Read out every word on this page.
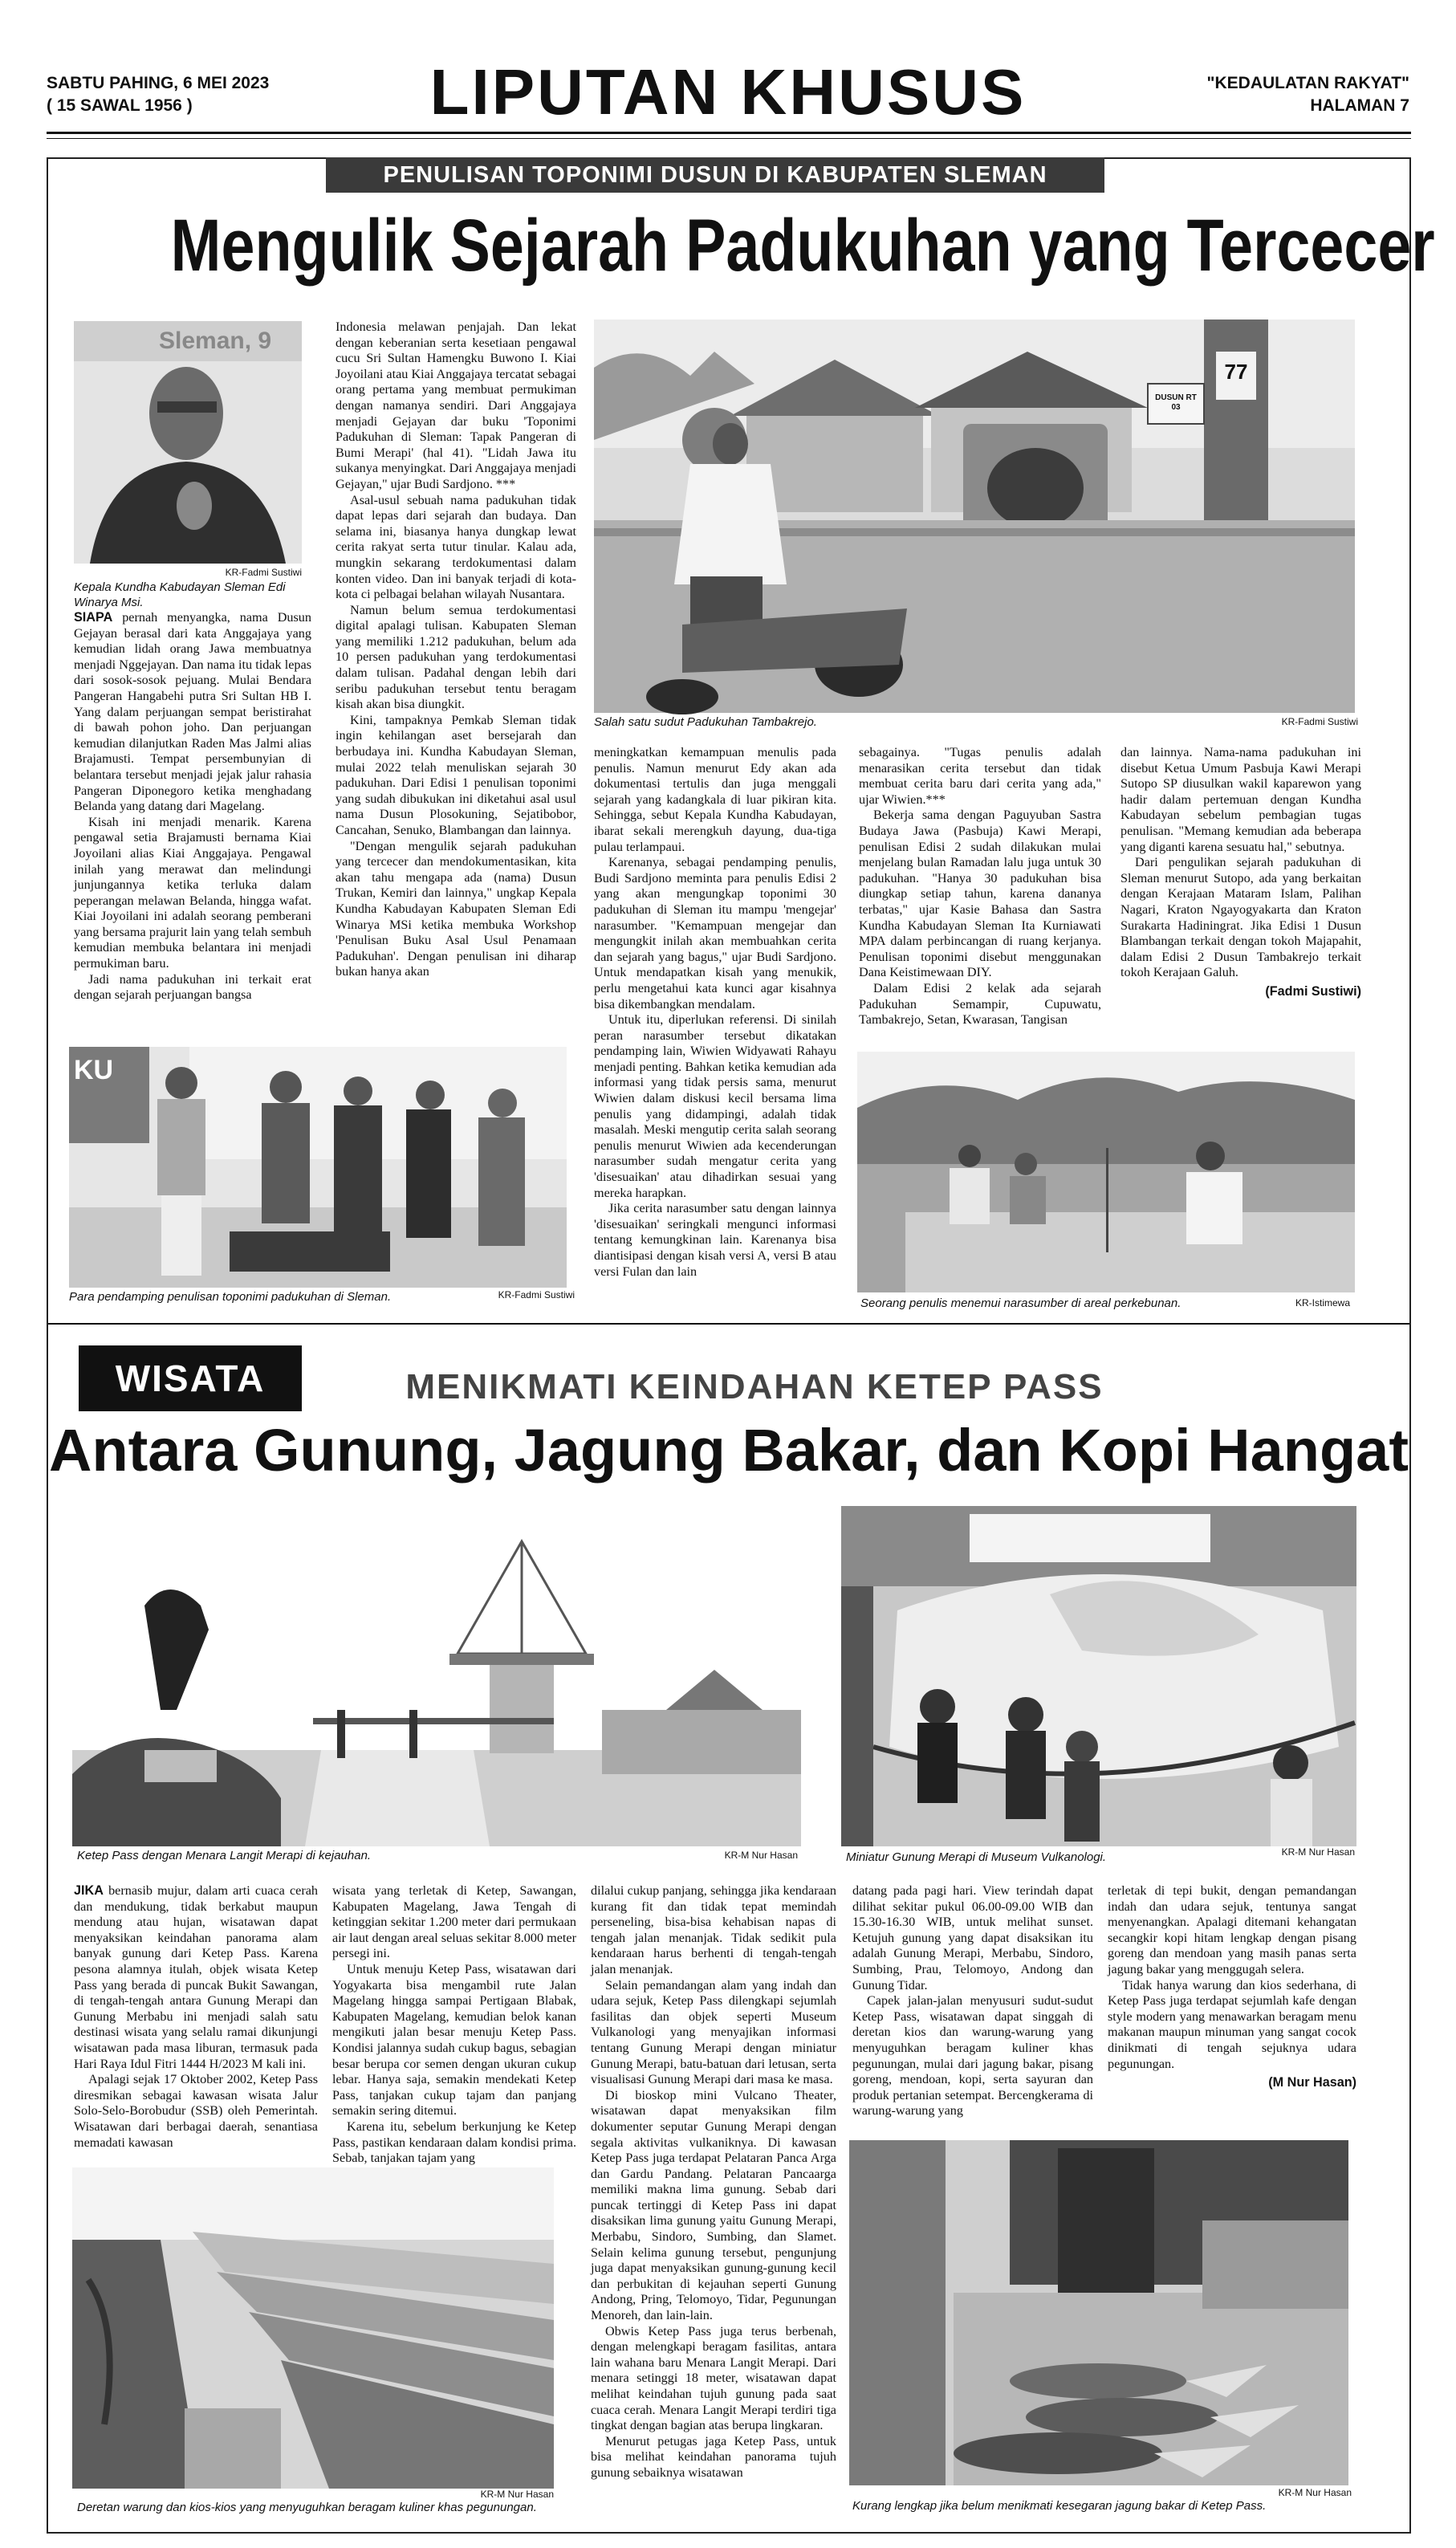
SABTU PAHING, 6 MEI 2023
( 15 SAWAL 1956 )	LIPUTAN KHUSUS	"KEDAULATAN RAKYAT"
HALAMAN 7
PENULISAN TOPONIMI DUSUN DI KABUPATEN SLEMAN
Mengulik Sejarah Padukuhan yang Tercecer
Sleman, 9
KR-Fadmi Sustiwi
Kepala Kundha Kabudayan Sleman Edi Winarya Msi.
DUSUN RT 03
77
Salah satu sudut Padukuhan Tambakrejo.	KR-Fadmi Sustiwi

SIAPA pernah menyangka, nama Dusun Gejayan berasal dari kata Anggajaya yang kemudian lidah orang Jawa membuatnya menjadi Nggejayan. Dan nama itu tidak lepas dari sosok-sosok pejuang. Mulai Bendara Pangeran Hangabehi putra Sri Sultan HB I. Yang dalam perjuangan sempat beristirahat di bawah pohon joho. Dan perjuangan kemudian dilanjutkan Raden Mas Jalmi alias Brajamusti. Tempat persembunyian di belantara tersebut menjadi jejak jalur rahasia Pangeran Diponegoro ketika menghadang Belanda yang datang dari Magelang.

Kisah ini menjadi menarik. Karena pengawal setia Brajamusti bernama Kiai Joyoilani alias Kiai Anggajaya. Pengawal inilah yang merawat dan melindungi junjungannya ketika terluka dalam peperangan melawan Belanda, hingga wafat. Kiai Joyoilani ini adalah seorang pemberani yang bersama prajurit lain yang telah sembuh kemudian membuka belantara ini menjadi permukiman baru.

Jadi nama padukuhan ini terkait erat dengan sejarah perjuangan bangsa

Indonesia melawan penjajah. Dan lekat dengan keberanian serta kesetiaan pengawal cucu Sri Sultan Hamengku Buwono I. Kiai Joyoilani atau Kiai Anggajaya tercatat sebagai orang pertama yang membuat permukiman dengan namanya sendiri. Dari Anggajaya menjadi Gejayan dar buku 'Toponimi Padukuhan di Sleman: Tapak Pangeran di Bumi Merapi' (hal 41). "Lidah Jawa itu sukanya menyingkat. Dari Anggajaya menjadi Gejayan," ujar Budi Sardjono. ***

Asal-usul sebuah nama padukuhan tidak dapat lepas dari sejarah dan budaya. Dan selama ini, biasanya hanya dungkap lewat cerita rakyat serta tutur tinular. Kalau ada, mungkin sekarang terdokumentasi dalam konten video. Dan ini banyak terjadi di kota-kota ci pelbagai belahan wilayah Nusantara.

Namun belum semua terdokumentasi digital apalagi tulisan. Kabupaten Sleman yang memiliki 1.212 padukuhan, belum ada 10 persen padukuhan yang terdokumentasi dalam tulisan. Padahal dengan lebih dari seribu padukuhan tersebut tentu beragam kisah akan bisa diungkit.

Kini, tampaknya Pemkab Sleman tidak ingin kehilangan aset bersejarah dan berbudaya ini. Kundha Kabudayan Sleman, mulai 2022 telah menuliskan sejarah 30 padukuhan. Dari Edisi 1 penulisan toponimi yang sudah dibukukan ini diketahui asal usul nama Dusun Plosokuning, Sejatibobor, Cancahan, Senuko, Blambangan dan lainnya.

"Dengan mengulik sejarah padukuhan yang tercecer dan mendokumentasikan, kita akan tahu mengapa ada (nama) Dusun Trukan, Kemiri dan lainnya," ungkap Kepala Kundha Kabudayan Kabupaten Sleman Edi Winarya MSi ketika membuka Workshop 'Penulisan Buku Asal Usul Penamaan Padukuhan'. Dengan penulisan ini diharap bukan hanya akan

meningkatkan kemampuan menulis pada penulis. Namun menurut Edy akan ada dokumentasi tertulis dan juga menggali sejarah yang kadangkala di luar pikiran kita. Sehingga, sebut Kepala Kundha Kabudayan, ibarat sekali merengkuh dayung, dua-tiga pulau terlampaui.

Karenanya, sebagai pendamping penulis, Budi Sardjono meminta para penulis Edisi 2 yang akan mengungkap toponimi 30 padukuhan di Sleman itu mampu 'mengejar' narasumber. "Kemampuan mengejar dan mengungkit inilah akan membuahkan cerita dan sejarah yang bagus," ujar Budi Sardjono. Untuk mendapatkan kisah yang menukik, perlu mengetahui kata kunci agar kisahnya bisa dikembangkan mendalam.

Untuk itu, diperlukan referensi. Di sinilah peran narasumber tersebut dikatakan pendamping lain, Wiwien Widyawati Rahayu menjadi penting. Bahkan ketika kemudian ada informasi yang tidak persis sama, menurut Wiwien dalam diskusi kecil bersama lima penulis yang didampingi, adalah tidak masalah. Meski mengutip cerita salah seorang penulis menurut Wiwien ada kecenderungan narasumber sudah mengatur cerita yang 'disesuaikan' atau dihadirkan sesuai yang mereka harapkan.

Jika cerita narasumber satu dengan lainnya 'disesuaikan' seringkali mengunci informasi tentang kemungkinan lain. Karenanya bisa diantisipasi dengan kisah versi A, versi B atau versi Fulan dan lain

sebagainya. "Tugas penulis adalah menarasikan cerita tersebut dan tidak membuat cerita baru dari cerita yang ada," ujar Wiwien.***

Bekerja sama dengan Paguyuban Sastra Budaya Jawa (Pasbuja) Kawi Merapi, penulisan Edisi 2 sudah dilakukan mulai menjelang bulan Ramadan lalu juga untuk 30 padukuhan. "Hanya 30 padukuhan bisa diungkap setiap tahun, karena dananya terbatas," ujar Kasie Bahasa dan Sastra Kundha Kabudayan Sleman Ita Kurniawati MPA dalam perbincangan di ruang kerjanya. Penulisan toponimi disebut menggunakan Dana Keistimewaan DIY.

Dalam Edisi 2 kelak ada sejarah Padukuhan Semampir, Cupuwatu, Tambakrejo, Setan, Kwarasan, Tangisan

dan lainnya. Nama-nama padukuhan ini disebut Ketua Umum Pasbuja Kawi Merapi Sutopo SP diusulkan wakil kaparewon yang hadir dalam pertemuan dengan Kundha Kabudayan sebelum pembagian tugas penulisan. "Memang kemudian ada beberapa yang diganti karena sesuatu hal," sebutnya.

Dari pengulikan sejarah padukuhan di Sleman menurut Sutopo, ada yang berkaitan dengan Kerajaan Mataram Islam, Palihan Nagari, Kraton Ngayogyakarta dan Kraton Surakarta Hadiningrat. Jika Edisi 1 Dusun Blambangan terkait dengan tokoh Majapahit, dalam Edisi 2 Dusun Tambakrejo terkait tokoh Kerajaan Galuh.

(Fadmi Sustiwi)
KU
Para pendamping penulisan toponimi padukuhan di Sleman.	KR-Fadmi Sustiwi
Seorang penulis menemui narasumber di areal perkebunan.	KR-Istimewa
WISATA	MENIKMATI KEINDAHAN KETEP PASS
Antara Gunung, Jagung Bakar, dan Kopi Hangat
Ketep Pass dengan Menara Langit Merapi di kejauhan.	KR-M Nur Hasan	Miniatur Gunung Merapi di Museum Vulkanologi.	KR-M Nur Hasan

JIKA bernasib mujur, dalam arti cuaca cerah dan mendukung, tidak berkabut maupun mendung atau hujan, wisatawan dapat menyaksikan keindahan panorama alam banyak gunung dari Ketep Pass. Karena pesona alamnya itulah, objek wisata Ketep Pass yang berada di puncak Bukit Sawangan, di tengah-tengah antara Gunung Merapi dan Gunung Merbabu ini menjadi salah satu destinasi wisata yang selalu ramai dikunjungi wisatawan pada masa liburan, termasuk pada Hari Raya Idul Fitri 1444 H/2023 M kali ini.

Apalagi sejak 17 Oktober 2002, Ketep Pass diresmikan sebagai kawasan wisata Jalur Solo-Selo-Borobudur (SSB) oleh Pemerintah. Wisatawan dari berbagai daerah, senantiasa memadati kawasan

wisata yang terletak di Ketep, Sawangan, Kabupaten Magelang, Jawa Tengah di ketinggian sekitar 1.200 meter dari permukaan air laut dengan areal seluas sekitar 8.000 meter persegi ini.

Untuk menuju Ketep Pass, wisatawan dari Yogyakarta bisa mengambil rute Jalan Magelang hingga sampai Pertigaan Blabak, Kabupaten Magelang, kemudian belok kanan mengikuti jalan besar menuju Ketep Pass. Kondisi jalannya sudah cukup bagus, sebagian besar berupa cor semen dengan ukuran cukup lebar. Hanya saja, semakin mendekati Ketep Pass, tanjakan cukup tajam dan panjang semakin sering ditemui.

Karena itu, sebelum berkunjung ke Ketep Pass, pastikan kendaraan dalam kondisi prima. Sebab, tanjakan tajam yang

dilalui cukup panjang, sehingga jika kendaraan kurang fit dan tidak tepat memindah perseneling, bisa-bisa kehabisan napas di tengah jalan menanjak. Tidak sedikit pula kendaraan harus berhenti di tengah-tengah jalan menanjak.

Selain pemandangan alam yang indah dan udara sejuk, Ketep Pass dilengkapi sejumlah fasilitas dan objek seperti Museum Vulkanologi yang menyajikan informasi tentang Gunung Merapi dengan miniatur Gunung Merapi, batu-batuan dari letusan, serta visualisasi Gunung Merapi dari masa ke masa.

Di bioskop mini Vulcano Theater, wisatawan dapat menyaksikan film dokumenter seputar Gunung Merapi dengan segala aktivitas vulkaniknya. Di kawasan Ketep Pass juga terdapat Pelataran Panca Arga dan Gardu Pandang. Pelataran Pancaarga memiliki makna lima gunung. Sebab dari puncak tertinggi di Ketep Pass ini dapat disaksikan lima gunung yaitu Gunung Merapi, Merbabu, Sindoro, Sumbing, dan Slamet. Selain kelima gunung tersebut, pengunjung juga dapat menyaksikan gunung-gunung kecil dan perbukitan di kejauhan seperti Gunung Andong, Pring, Telomoyo, Tidar, Pegunungan Menoreh, dan lain-lain.

Obwis Ketep Pass juga terus berbenah, dengan melengkapi beragam fasilitas, antara lain wahana baru Menara Langit Merapi. Dari menara setinggi 18 meter, wisatawan dapat melihat keindahan tujuh gunung pada saat cuaca cerah. Menara Langit Merapi terdiri tiga tingkat dengan bagian atas berupa lingkaran.

Menurut petugas jaga Ketep Pass, untuk bisa melihat keindahan panorama tujuh gunung sebaiknya wisatawan

datang pada pagi hari. View terindah dapat dilihat sekitar pukul 06.00-09.00 WIB dan 15.30-16.30 WIB, untuk melihat sunset. Ketujuh gunung yang dapat disaksikan itu adalah Gunung Merapi, Merbabu, Sindoro, Sumbing, Prau, Telomoyo, Andong dan Gunung Tidar.

Capek jalan-jalan menyusuri sudut-sudut Ketep Pass, wisatawan dapat singgah di deretan kios dan warung-warung yang menyuguhkan beragam kuliner khas pegunungan, mulai dari jagung bakar, pisang goreng, mendoan, kopi, serta sayuran dan produk pertanian setempat. Bercengkerama di warung-warung yang

terletak di tepi bukit, dengan pemandangan indah dan udara sejuk, tentunya sangat menyenangkan. Apalagi ditemani kehangatan secangkir kopi hitam lengkap dengan pisang goreng dan mendoan yang masih panas serta jagung bakar yang menggugah selera.

Tidak hanya warung dan kios sederhana, di Ketep Pass juga terdapat sejumlah kafe dengan style modern yang menawarkan beragam menu makanan maupun minuman yang sangat cocok dinikmati di tengah sejuknya udara pegunungan.

(M Nur Hasan)
KR-M Nur Hasan
Deretan warung dan kios-kios yang menyuguhkan beragam kuliner khas pegunungan.
KR-M Nur Hasan
Kurang lengkap jika belum menikmati kesegaran jagung bakar di Ketep Pass.
